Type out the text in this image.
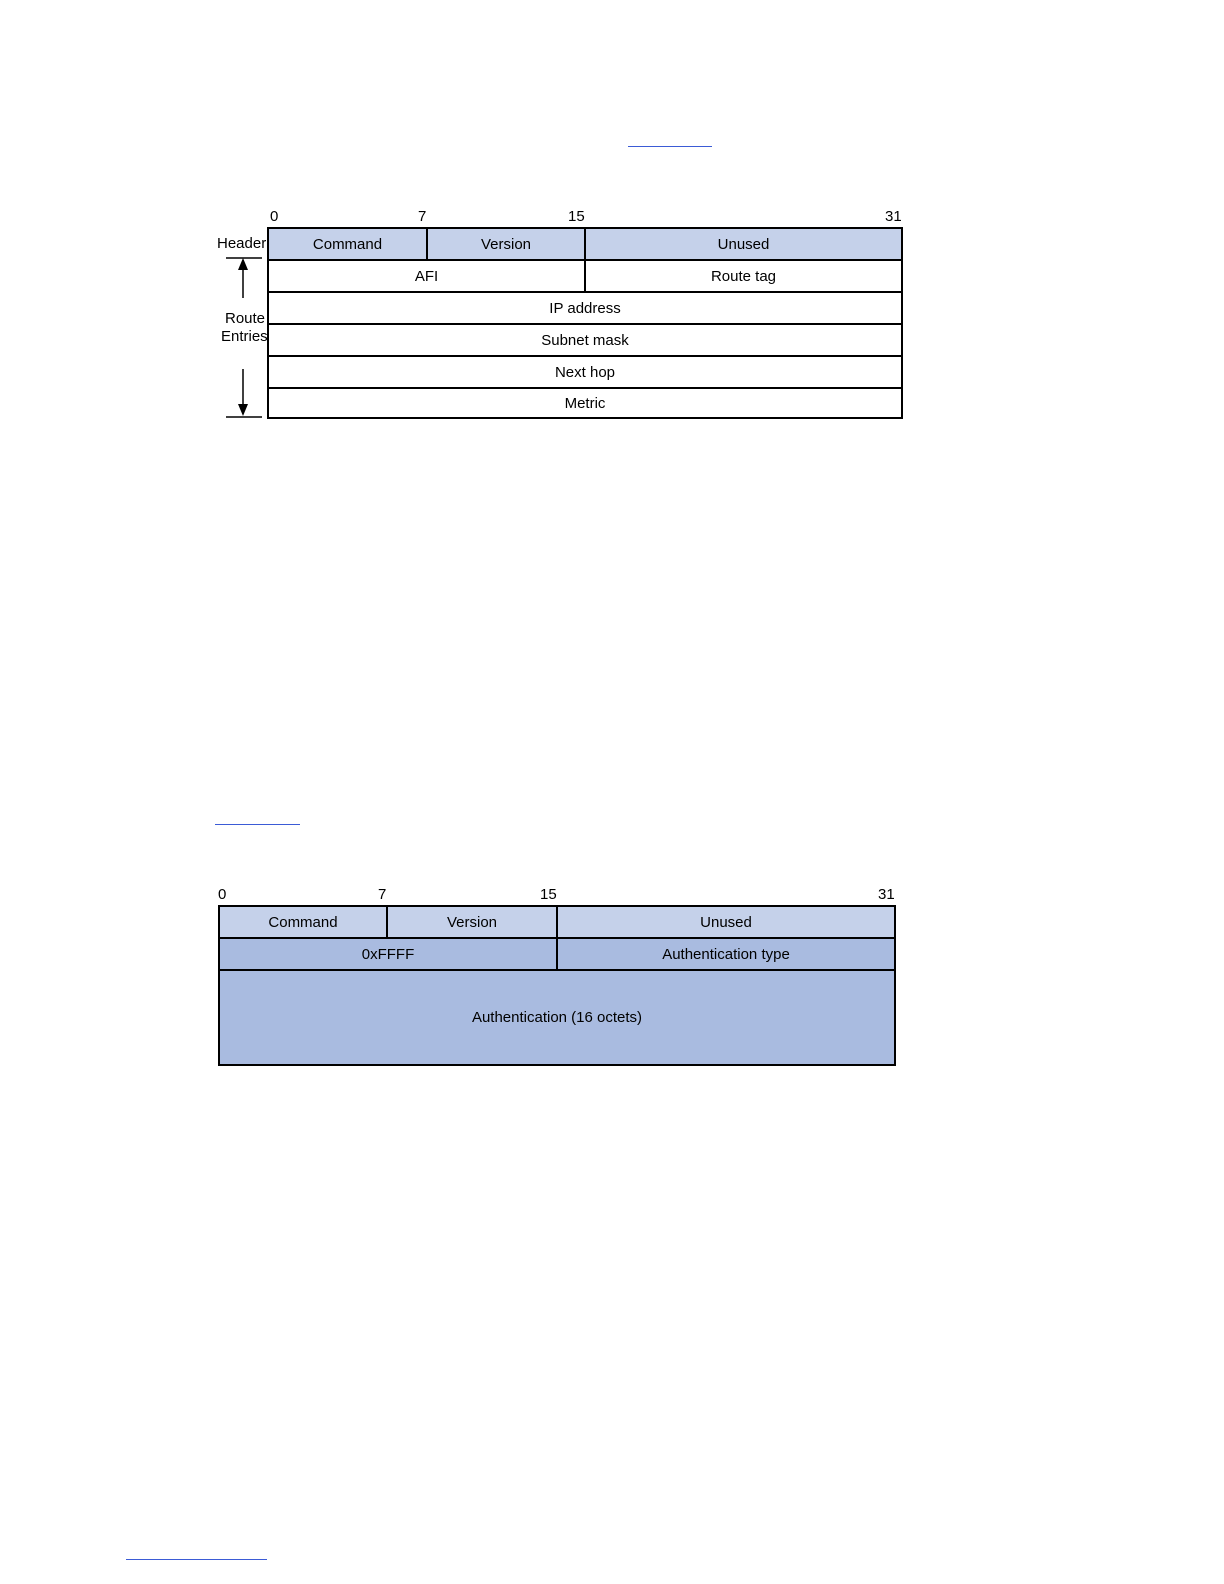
0	7	15	31
Header
Route
Entries
Command	Version	Unused
AFI	Route tag
IP address
Subnet mask
Next hop
Metric
0	7	15	31
Command	Version	Unused
0xFFFF	Authentication type
Authentication (16 octets)
